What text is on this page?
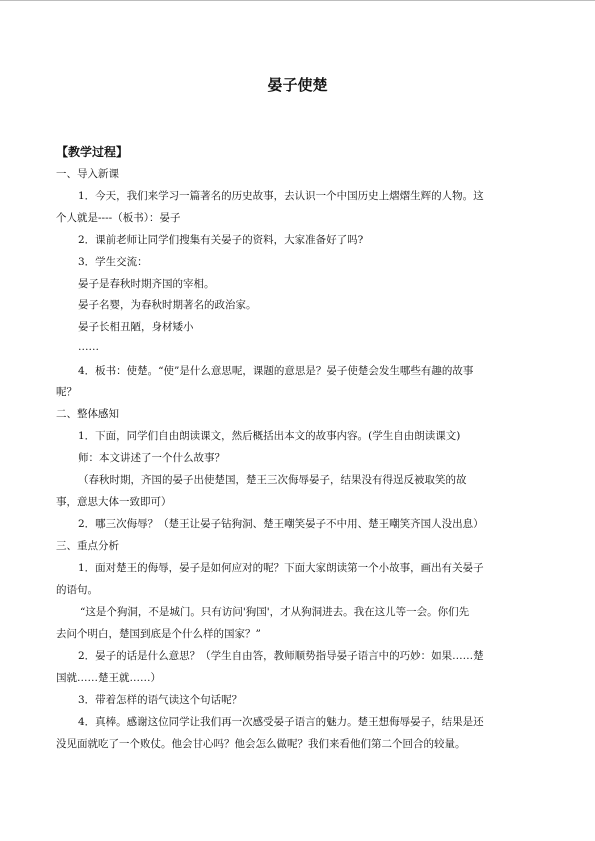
晏子使楚
【教学过程】
一、导入新课
1．今天，我们来学习一篇著名的历史故事，去认识一个中国历史上熠熠生辉的人物。这
个人就是----（板书）：晏子
2．课前老师让同学们搜集有关晏子的资料，大家准备好了吗?
3．学生交流：
晏子是春秋时期齐国的宰相。
晏子名婴，为春秋时期著名的政治家。
晏子长相丑陋，身材矮小
……
4．板书：使楚。“使”是什么意思呢，课题的意思是？晏子使楚会发生哪些有趣的故事
呢？
二、整体感知
1．下面，同学们自由朗读课文，然后概括出本文的故事内容。(学生自由朗读课文)
师：本文讲述了一个什么故事？
（春秋时期，齐国的晏子出使楚国，楚王三次侮辱晏子，结果没有得逞反被取笑的故
事，意思大体一致即可）
2．哪三次侮辱？（楚王让晏子钻狗洞、楚王嘲笑晏子不中用、楚王嘲笑齐国人没出息）
三、重点分析
1．面对楚王的侮辱，晏子是如何应对的呢？下面大家朗读第一个小故事，画出有关晏子
的语句。
“这是个狗洞，不是城门。只有访问'狗国'，才从狗洞进去。我在这儿等一会。你们先
去问个明白，楚国到底是个什么样的国家？”
2．晏子的话是什么意思？（学生自由答，教师顺势指导晏子语言中的巧妙：如果……楚
国就……楚王就……）
3．带着怎样的语气读这个句话呢？
4．真棒。感谢这位同学让我们再一次感受晏子语言的魅力。楚王想侮辱晏子，结果是还
没见面就吃了一个败仗。他会甘心吗？他会怎么做呢？我们来看他们第二个回合的较量。
